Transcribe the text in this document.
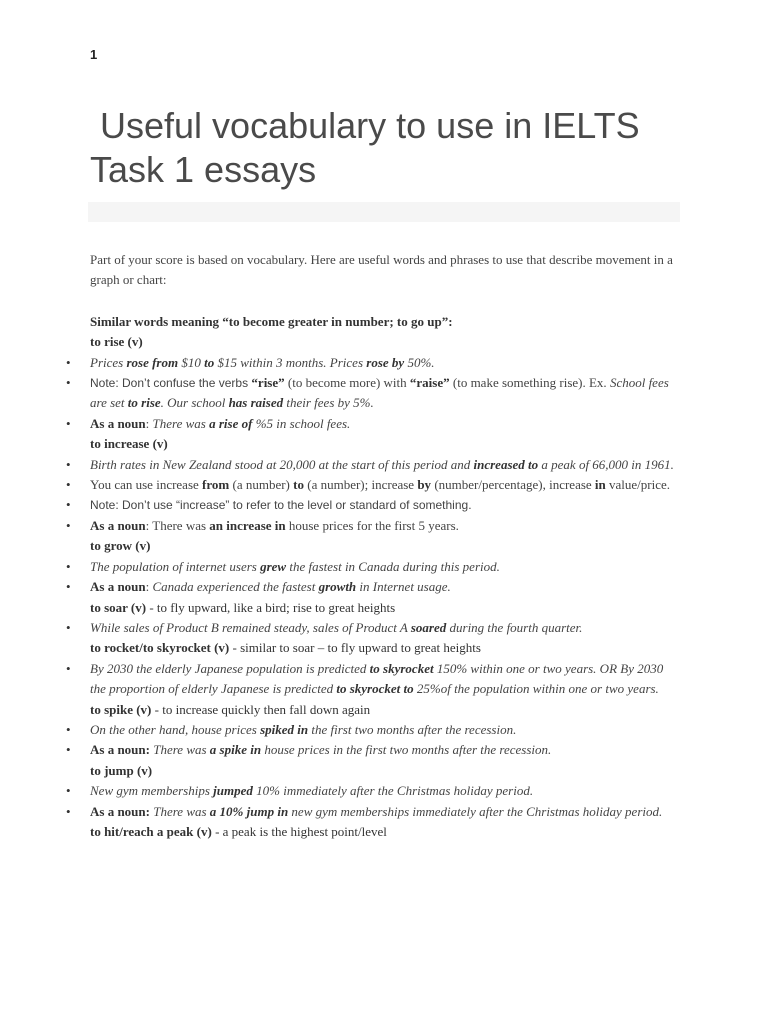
1
Useful vocabulary to use in IELTS Task 1 essays

Part of your score is based on vocabulary. Here are useful words and phrases to use that describe movement in a graph or chart:

Similar words meaning “to become greater in number; to go up”:

to rise (v)

• Prices rose from $10 to $15 within 3 months. Prices rose by 50%.
• Note: Don’t confuse the verbs “rise” (to become more) with “raise” (to make something rise). Ex. School fees are set to rise. Our school has raised their fees by 5%.
• As a noun: There was a rise of %5 in school fees.

to increase (v)

• Birth rates in New Zealand stood at 20,000 at the start of this period and increased to a peak of 66,000 in 1961.
• You can use increase from (a number) to (a number); increase by (number/percentage), increase in value/price.
• Note: Don’t use “increase” to refer to the level or standard of something.
• As a noun: There was an increase in house prices for the first 5 years.

to grow (v)

• The population of internet users grew the fastest in Canada during this period.
• As a noun: Canada experienced the fastest growth in Internet usage.

to soar (v) - to fly upward, like a bird; rise to great heights

• While sales of Product B remained steady, sales of Product A soared during the fourth quarter.

to rocket/to skyrocket (v) - similar to soar – to fly upward to great heights

• By 2030 the elderly Japanese population is predicted to skyrocket 150% within one or two years. OR By 2030 the proportion of elderly Japanese is predicted to skyrocket to 25%of the population within one or two years.

to spike (v) - to increase quickly then fall down again

• On the other hand, house prices spiked in the first two months after the recession.
• As a noun: There was a spike in house prices in the first two months after the recession.

to jump (v)

• New gym memberships jumped 10% immediately after the Christmas holiday period.
• As a noun: There was a 10% jump in new gym memberships immediately after the Christmas holiday period.

to hit/reach a peak (v) - a peak is the highest point/level
